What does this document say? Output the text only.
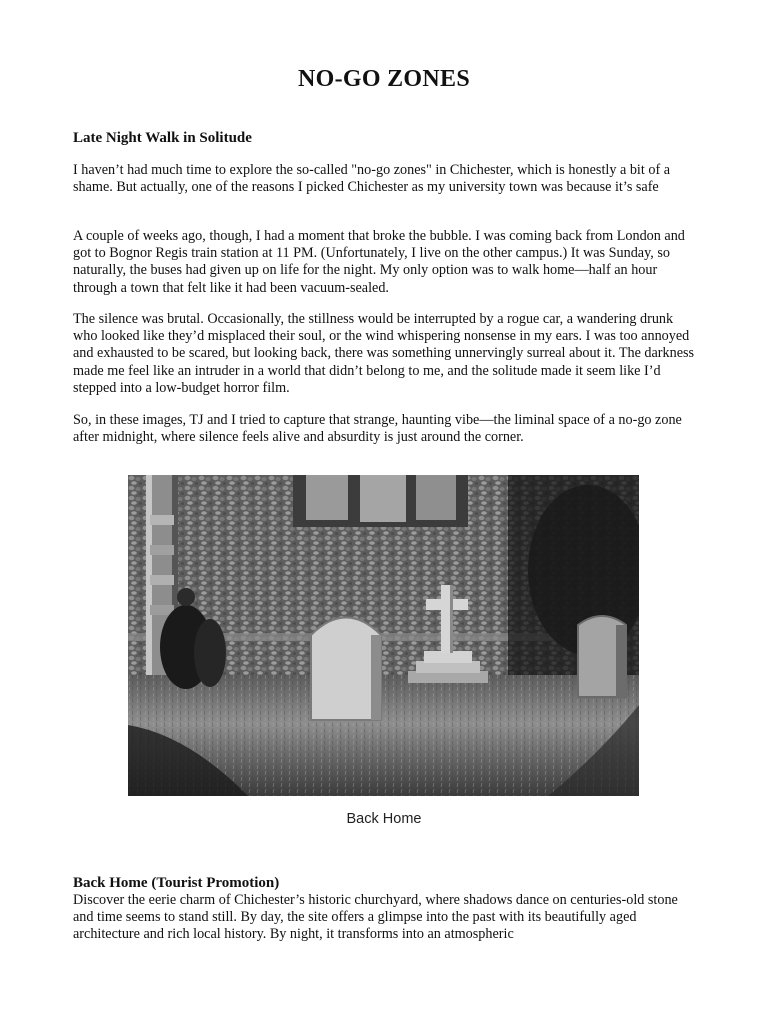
NO-GO ZONES
Late Night Walk in Solitude

I haven’t had much time to explore the so-called "no-go zones" in Chichester, which is honestly a bit of a shame. But actually, one of the reasons I picked Chichester as my university town was because it’s safe

A couple of weeks ago, though, I had a moment that broke the bubble. I was coming back from London and got to Bognor Regis train station at 11 PM. (Unfortunately, I live on the other campus.) It was Sunday, so naturally, the buses had given up on life for the night. My only option was to walk home—half an hour through a town that felt like it had been vacuum-sealed.

The silence was brutal. Occasionally, the stillness would be interrupted by a rogue car, a wandering drunk who looked like they’d misplaced their soul, or the wind whispering nonsense in my ears. I was too annoyed and exhausted to be scared, but looking back, there was something unnervingly surreal about it. The darkness made me feel like an intruder in a world that didn’t belong to me, and the solitude made it seem like I’d stepped into a low-budget horror film.

So, in these images, TJ and I tried to capture that strange, haunting vibe—the liminal space of a no-go zone after midnight, where silence feels alive and absurdity is just around the corner.

Back Home

Back Home (Tourist Promotion)

Discover the eerie charm of Chichester’s historic churchyard, where shadows dance on centuries-old stone and time seems to stand still. By day, the site offers a glimpse into the past with its beautifully aged architecture and rich local history. By night, it transforms into an atmospheric
